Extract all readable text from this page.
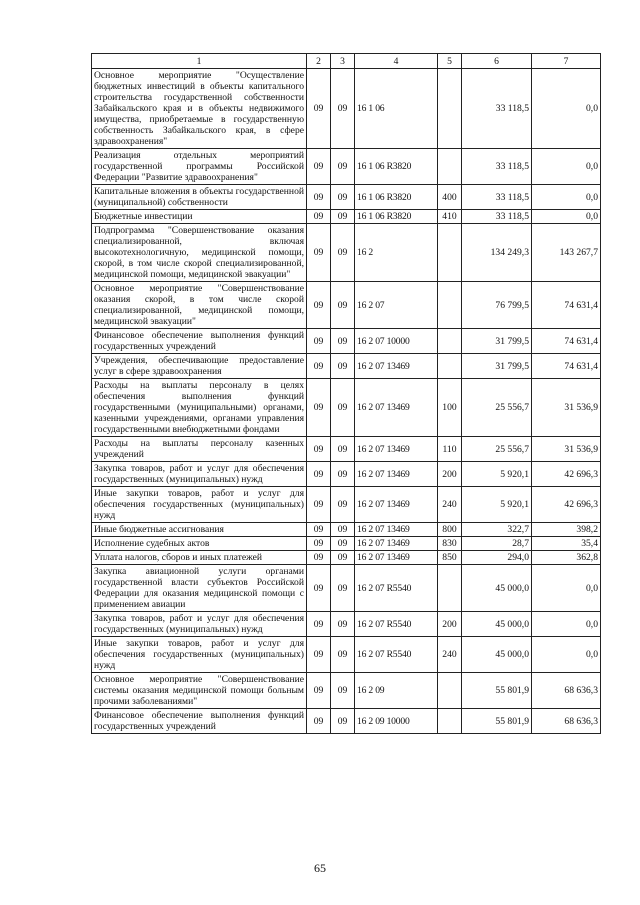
1	2	3	4	5	6	7
Основное мероприятие "Осуществление бюджетных инвестиций в объекты капитального строительства государственной собственности Забайкальского края и в объекты недвижимого имущества, приобретаемые в государственную собственность Забайкальского края, в сфере здравоохранения"	09	09	16 1 06		33 118,5	0,0
Реализация отдельных мероприятий государственной программы Российской Федерации "Развитие здравоохранения"	09	09	16 1 06 R3820		33 118,5	0,0
Капитальные вложения в объекты государственной (муниципальной) собственности	09	09	16 1 06 R3820	400	33 118,5	0,0
Бюджетные инвестиции	09	09	16 1 06 R3820	410	33 118,5	0,0
Подпрограмма "Совершенствование оказания специализированной, включая высокотехнологичную, медицинской помощи, скорой, в том числе скорой специализированной, медицинской помощи, медицинской эвакуации"	09	09	16 2		134 249,3	143 267,7
Основное мероприятие "Совершенствование оказания скорой, в том числе скорой специализированной, медицинской помощи, медицинской эвакуации"	09	09	16 2 07		76 799,5	74 631,4
Финансовое обеспечение выполнения функций государственных учреждений	09	09	16 2 07 10000		31 799,5	74 631,4
Учреждения, обеспечивающие предоставление услуг в сфере здравоохранения	09	09	16 2 07 13469		31 799,5	74 631,4
Расходы на выплаты персоналу в целях обеспечения выполнения функций государственными (муниципальными) органами, казенными учреждениями, органами управления государственными внебюджетными фондами	09	09	16 2 07 13469	100	25 556,7	31 536,9
Расходы на выплаты персоналу казенных учреждений	09	09	16 2 07 13469	110	25 556,7	31 536,9
Закупка товаров, работ и услуг для обеспечения государственных (муниципальных) нужд	09	09	16 2 07 13469	200	5 920,1	42 696,3
Иные закупки товаров, работ и услуг для обеспечения государственных (муниципальных) нужд	09	09	16 2 07 13469	240	5 920,1	42 696,3
Иные бюджетные ассигнования	09	09	16 2 07 13469	800	322,7	398,2
Исполнение судебных актов	09	09	16 2 07 13469	830	28,7	35,4
Уплата налогов, сборов и иных платежей	09	09	16 2 07 13469	850	294,0	362,8
Закупка авиационной услуги органами государственной власти субъектов Российской Федерации для оказания медицинской помощи с применением авиации	09	09	16 2 07 R5540		45 000,0	0,0
Закупка товаров, работ и услуг для обеспечения государственных (муниципальных) нужд	09	09	16 2 07 R5540	200	45 000,0	0,0
Иные закупки товаров, работ и услуг для обеспечения государственных (муниципальных) нужд	09	09	16 2 07 R5540	240	45 000,0	0,0
Основное мероприятие "Совершенствование системы оказания медицинской помощи больным прочими заболеваниями"	09	09	16 2 09		55 801,9	68 636,3
Финансовое обеспечение выполнения функций государственных учреждений	09	09	16 2 09 10000		55 801,9	68 636,3
65
